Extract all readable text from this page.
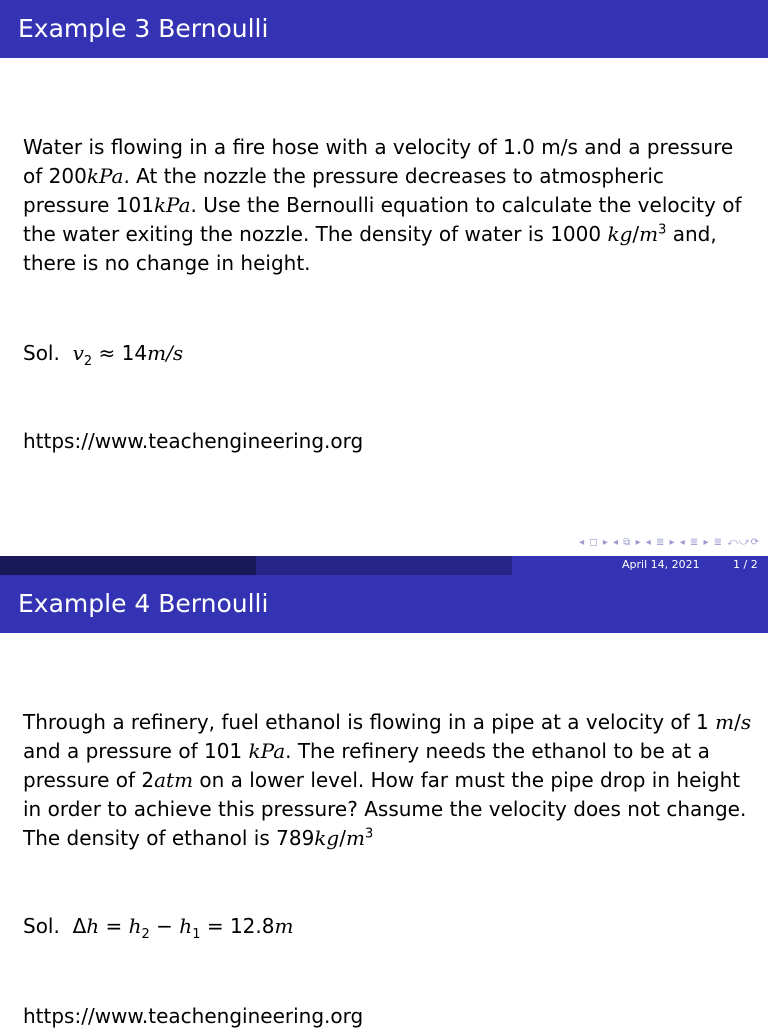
Example 3 Bernoulli
Water is flowing in a fire hose with a velocity of 1.0 m/s and a pressure of 200kPa. At the nozzle the pressure decreases to atmospheric pressure 101kPa. Use the Bernoulli equation to calculate the velocity of the water exiting the nozzle. The density of water is 1000 $kg/m^3$ and, there is no change in height.
Sol. $v_2 \approx 14m/s$
https://www.teachengineering.org
◂ ◻ ▸ ◂ ⧉ ▸ ◂ ≣ ▸ ◂ ≣ ▸ ≣ ⤺⤻⟳
April 14, 2021	1 / 2
Example 4 Bernoulli
Through a refinery, fuel ethanol is flowing in a pipe at a velocity of 1 m/s and a pressure of 101 kPa. The refinery needs the ethanol to be at a pressure of 2atm on a lower level. How far must the pipe drop in height in order to achieve this pressure? Assume the velocity does not change. The density of ethanol is $789kg/m^3$
Sol. $\Delta h = h_2 - h_1 = 12.8m$
https://www.teachengineering.org
